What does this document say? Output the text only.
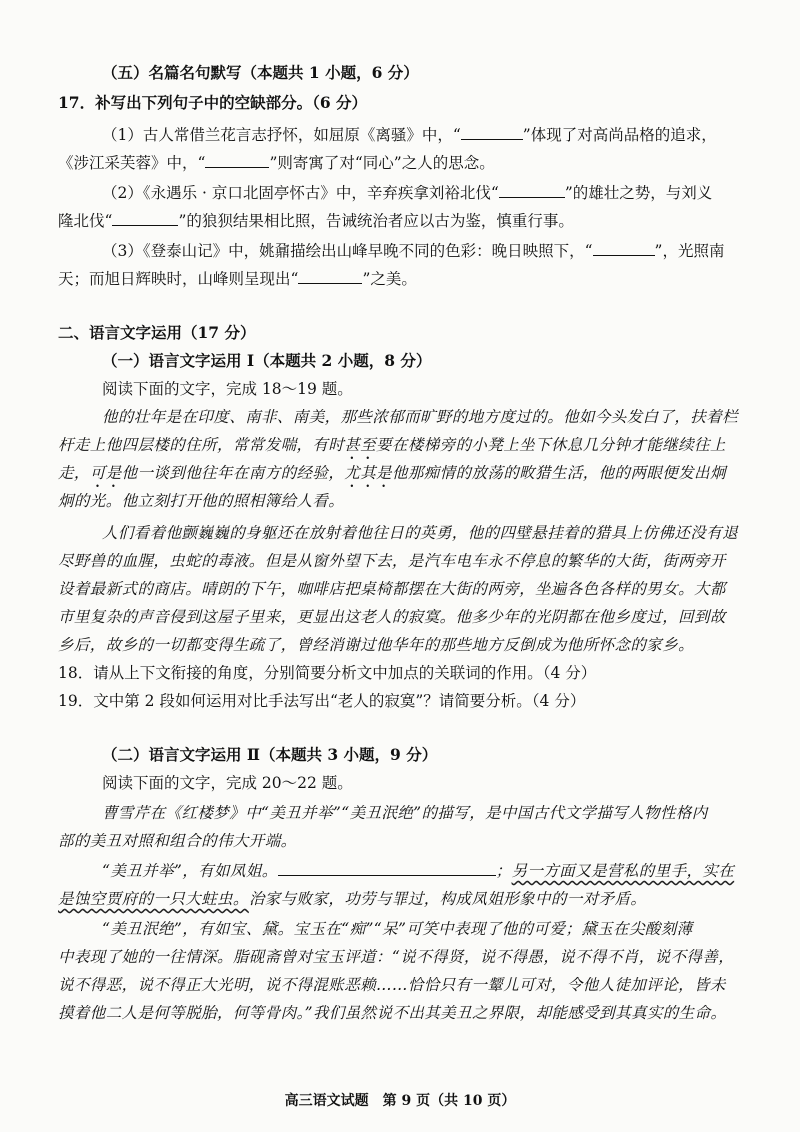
（五）名篇名句默写（本题共 1 小题，6 分）
17．补写出下列句子中的空缺部分。（6 分）
（1）古人常借兰花言志抒怀，如屈原《离骚》中，“	”体现了对高尚品格的追求，
《涉江采芙蓉》中，“	”则寄寓了对“同心”之人的思念。
（2）《永遇乐 · 京口北固亭怀古》中，辛弃疾拿刘裕北伐“	”的雄壮之势，与刘义
隆北伐“	”的狼狈结果相比照，告诫统治者应以古为鉴，慎重行事。
（3）《登泰山记》中，姚鼐描绘出山峰早晚不同的色彩：晚日映照下，“	”，光照南
天；而旭日辉映时，山峰则呈现出“	”之美。
二、语言文字运用（17 分）
（一）语言文字运用 Ⅰ（本题共 2 小题，8 分）
阅读下面的文字，完成 18～19 题。
他的壮年是在印度、南非、南美，那些浓郁而旷野的地方度过的。他如今头发白了，扶着栏
杆走上他四层楼的住所，常常发喘，有时甚至要在楼梯旁的小凳上坐下休息几分钟才能继续往上
走，可是他一谈到他往年在南方的经验，尤其是他那痴情的放荡的畋猎生活，他的两眼便发出炯
炯的光。他立刻打开他的照相簿给人看。
人们看着他颤巍巍的身躯还在放射着他往日的英勇，他的四壁悬挂着的猎具上仿佛还没有退
尽野兽的血腥，虫蛇的毒液。但是从窗外望下去，是汽车电车永不停息的繁华的大街，街两旁开
设着最新式的商店。晴朗的下午，咖啡店把桌椅都摆在大街的两旁，坐遍各色各样的男女。大都
市里复杂的声音侵到这屋子里来，更显出这老人的寂寞。他多少年的光阴都在他乡度过，回到故
乡后，故乡的一切都变得生疏了，曾经消谢过他华年的那些地方反倒成为他所怀念的家乡。
18．请从上下文衔接的角度，分别简要分析文中加点的关联词的作用。（4 分）
19．文中第 2 段如何运用对比手法写出“老人的寂寞”？请简要分析。（4 分）
（二）语言文字运用 Ⅱ（本题共 3 小题，9 分）
阅读下面的文字，完成 20～22 题。
曹雪芹在《红楼梦》中“美丑并举”“美丑泯绝”的描写，是中国古代文学描写人物性格内
部的美丑对照和组合的伟大开端。
“美丑并举”，有如凤姐。	；另一方面又是营私的里手，实在
是蚀空贾府的一只大蛀虫。治家与败家，功劳与罪过，构成凤姐形象中的一对矛盾。
“美丑泯绝”，有如宝、黛。宝玉在“痴”“呆”可笑中表现了他的可爱；黛玉在尖酸刻薄
中表现了她的一往情深。脂砚斋曾对宝玉评道：“说不得贤，说不得愚，说不得不肖，说不得善，
说不得恶，说不得正大光明，说不得混账恶赖……恰恰只有一颦儿可对，令他人徒加评论，皆未
摸着他二人是何等脱胎，何等骨肉。”我们虽然说不出其美丑之界限，却能感受到其真实的生命。
高三语文试题　第 9 页（共 10 页）
